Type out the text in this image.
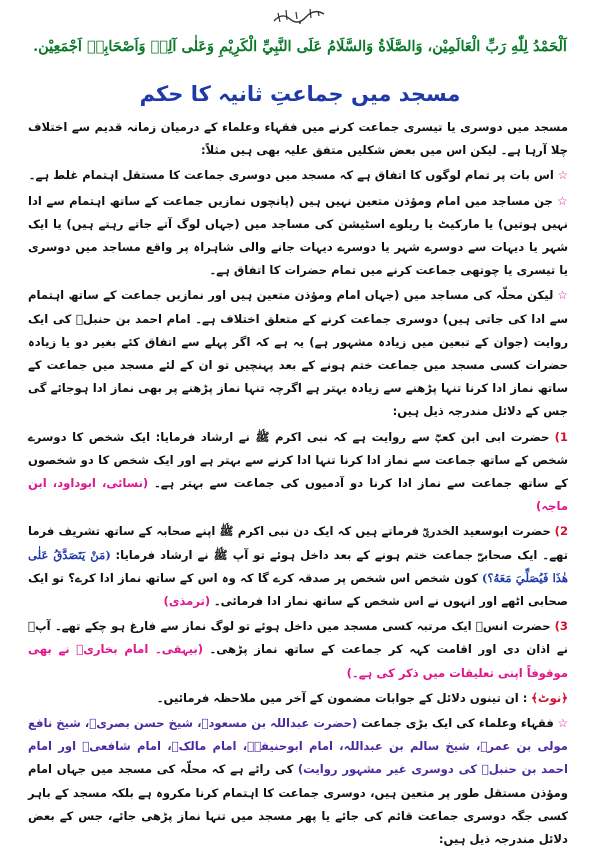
اَلْحَمْدُ لِلّٰهِ رَبِّ الْعَالَمِيْن، وَالصَّلَاةُ وَالسَّلَامُ عَلَى النَّبِيِّ الْكَرِيْمِ وَعَلٰى آلِهٖ وَاَصْحَابِهٖ اَجْمَعِيْن.
مسجد میں جماعتِ ثانیہ کا حکم

مسجد میں دوسری یا تیسری جماعت کرنے میں فقہاء وعلماء کے درمیان زمانہ قدیم سے اختلاف چلا آرہا ہے۔ لیکن اس میں بعض شکلیں متفق علیہ بھی ہیں مثلاً:

☆ اس بات پر تمام لوگوں کا اتفاق ہے کہ مسجد میں دوسری جماعت کا مستقل اہتمام غلط ہے۔

☆ جن مساجد میں امام ومؤذن متعین نہیں ہیں (پانچوں نمازیں جماعت کے ساتھ اہتمام سے ادا نہیں ہوتیں) یا مارکیٹ یا ریلوے اسٹیشن کی مساجد میں (جہاں لوگ آتے جاتے رہتے ہیں) یا ایک شہر یا دیہات سے دوسرے شہر یا دوسرے دیہات جانے والی شاہراہ پر واقع مساجد میں دوسری یا تیسری یا چوتھی جماعت کرنے میں تمام حضرات کا اتفاق ہے۔

☆ لیکن محلّہ کی مساجد میں (جہاں امام ومؤذن متعین ہیں اور نمازیں جماعت کے ساتھ اہتمام سے ادا کی جاتی ہیں) دوسری جماعت کرنے کے متعلق اختلاف ہے۔ امام احمد بن حنبلؒ کی ایک روایت (جوان کے تبعین میں زیادہ مشہور ہے) یہ ہے کہ اگر پہلے سے اتفاق کئے بغیر دو یا زیادہ حضرات کسی مسجد میں جماعت ختم ہونے کے بعد پہنچیں تو ان کے لئے مسجد میں جماعت کے ساتھ نماز ادا کرنا تنہا پڑھنے سے زیادہ بہتر ہے اگرچہ تنہا نماز پڑھنے پر بھی نماز ادا ہوجائے گی جس کے دلائل مندرجہ ذیل ہیں:

1) حضرت ابی ابن کعبؓ سے روایت ہے کہ نبی اکرم ﷺ نے ارشاد فرمایا: ایک شخص کا دوسرے شخص کے ساتھ جماعت سے نماز ادا کرنا تنہا ادا کرنے سے بہتر ہے اور ایک شخص کا دو شخصوں کے ساتھ جماعت سے نماز ادا کرنا دو آدمیوں کی جماعت سے بہتر ہے۔ (نسائی، ابوداود، ابن ماجہ)

2) حضرت ابوسعید الخدریؓ فرماتے ہیں کہ ایک دن نبی اکرم ﷺ اپنے صحابہ کے ساتھ تشریف فرما تھے۔ ایک صحابیؓ جماعت ختم ہونے کے بعد داخل ہوئے تو آپ ﷺ نے ارشاد فرمایا: (مَنْ يَتَصَدَّقُ عَلٰى هٰذَا فَيُصَلِّيَ مَعَهُ؟) کون شخص اس شخص پر صدقہ کرے گا کہ وہ اس کے ساتھ نماز ادا کرے؟ تو ایک صحابی اٹھے اور انہوں نے اس شخص کے ساتھ نماز ادا فرمائی۔ (ترمذی)

3) حضرت انسؓ ایک مرتبہ کسی مسجد میں داخل ہوئے تو لوگ نماز سے فارغ ہو چکے تھے۔ آپؓ نے اذان دی اور اقامت کہہ کر جماعت کے ساتھ نماز پڑھی۔ (بیہقی۔ امام بخاریؒ نے بھی موقوفاً اپنی تعلیقات میں ذکر کی ہے۔)

﴿نوٹ﴾ : ان تینوں دلائل کے جوابات مضمون کے آخر میں ملاحظہ فرمائیں۔

☆ فقہاء وعلماء کی ایک بڑی جماعت (حضرت عبداللہ بن مسعودؓ، شیخ حسن بصریؒ، شیخ نافع مولی بن عمرؒ، شیخ سالم بن عبداللہ، امام ابوحنیفہؒ، امام مالکؒ، امام شافعیؒ اور امام احمد بن حنبلؒ کی دوسری غیر مشہور روایت) کی رائے ہے کہ محلّہ کی مسجد میں جہاں امام ومؤذن مستقل طور پر متعین ہیں، دوسری جماعت کا اہتمام کرنا مکروہ ہے بلکہ مسجد کے باہر کسی جگہ دوسری جماعت قائم کی جائے یا پھر مسجد میں تنہا نماز پڑھی جائے، جس کے بعض دلائل مندرجہ ذیل ہیں:
